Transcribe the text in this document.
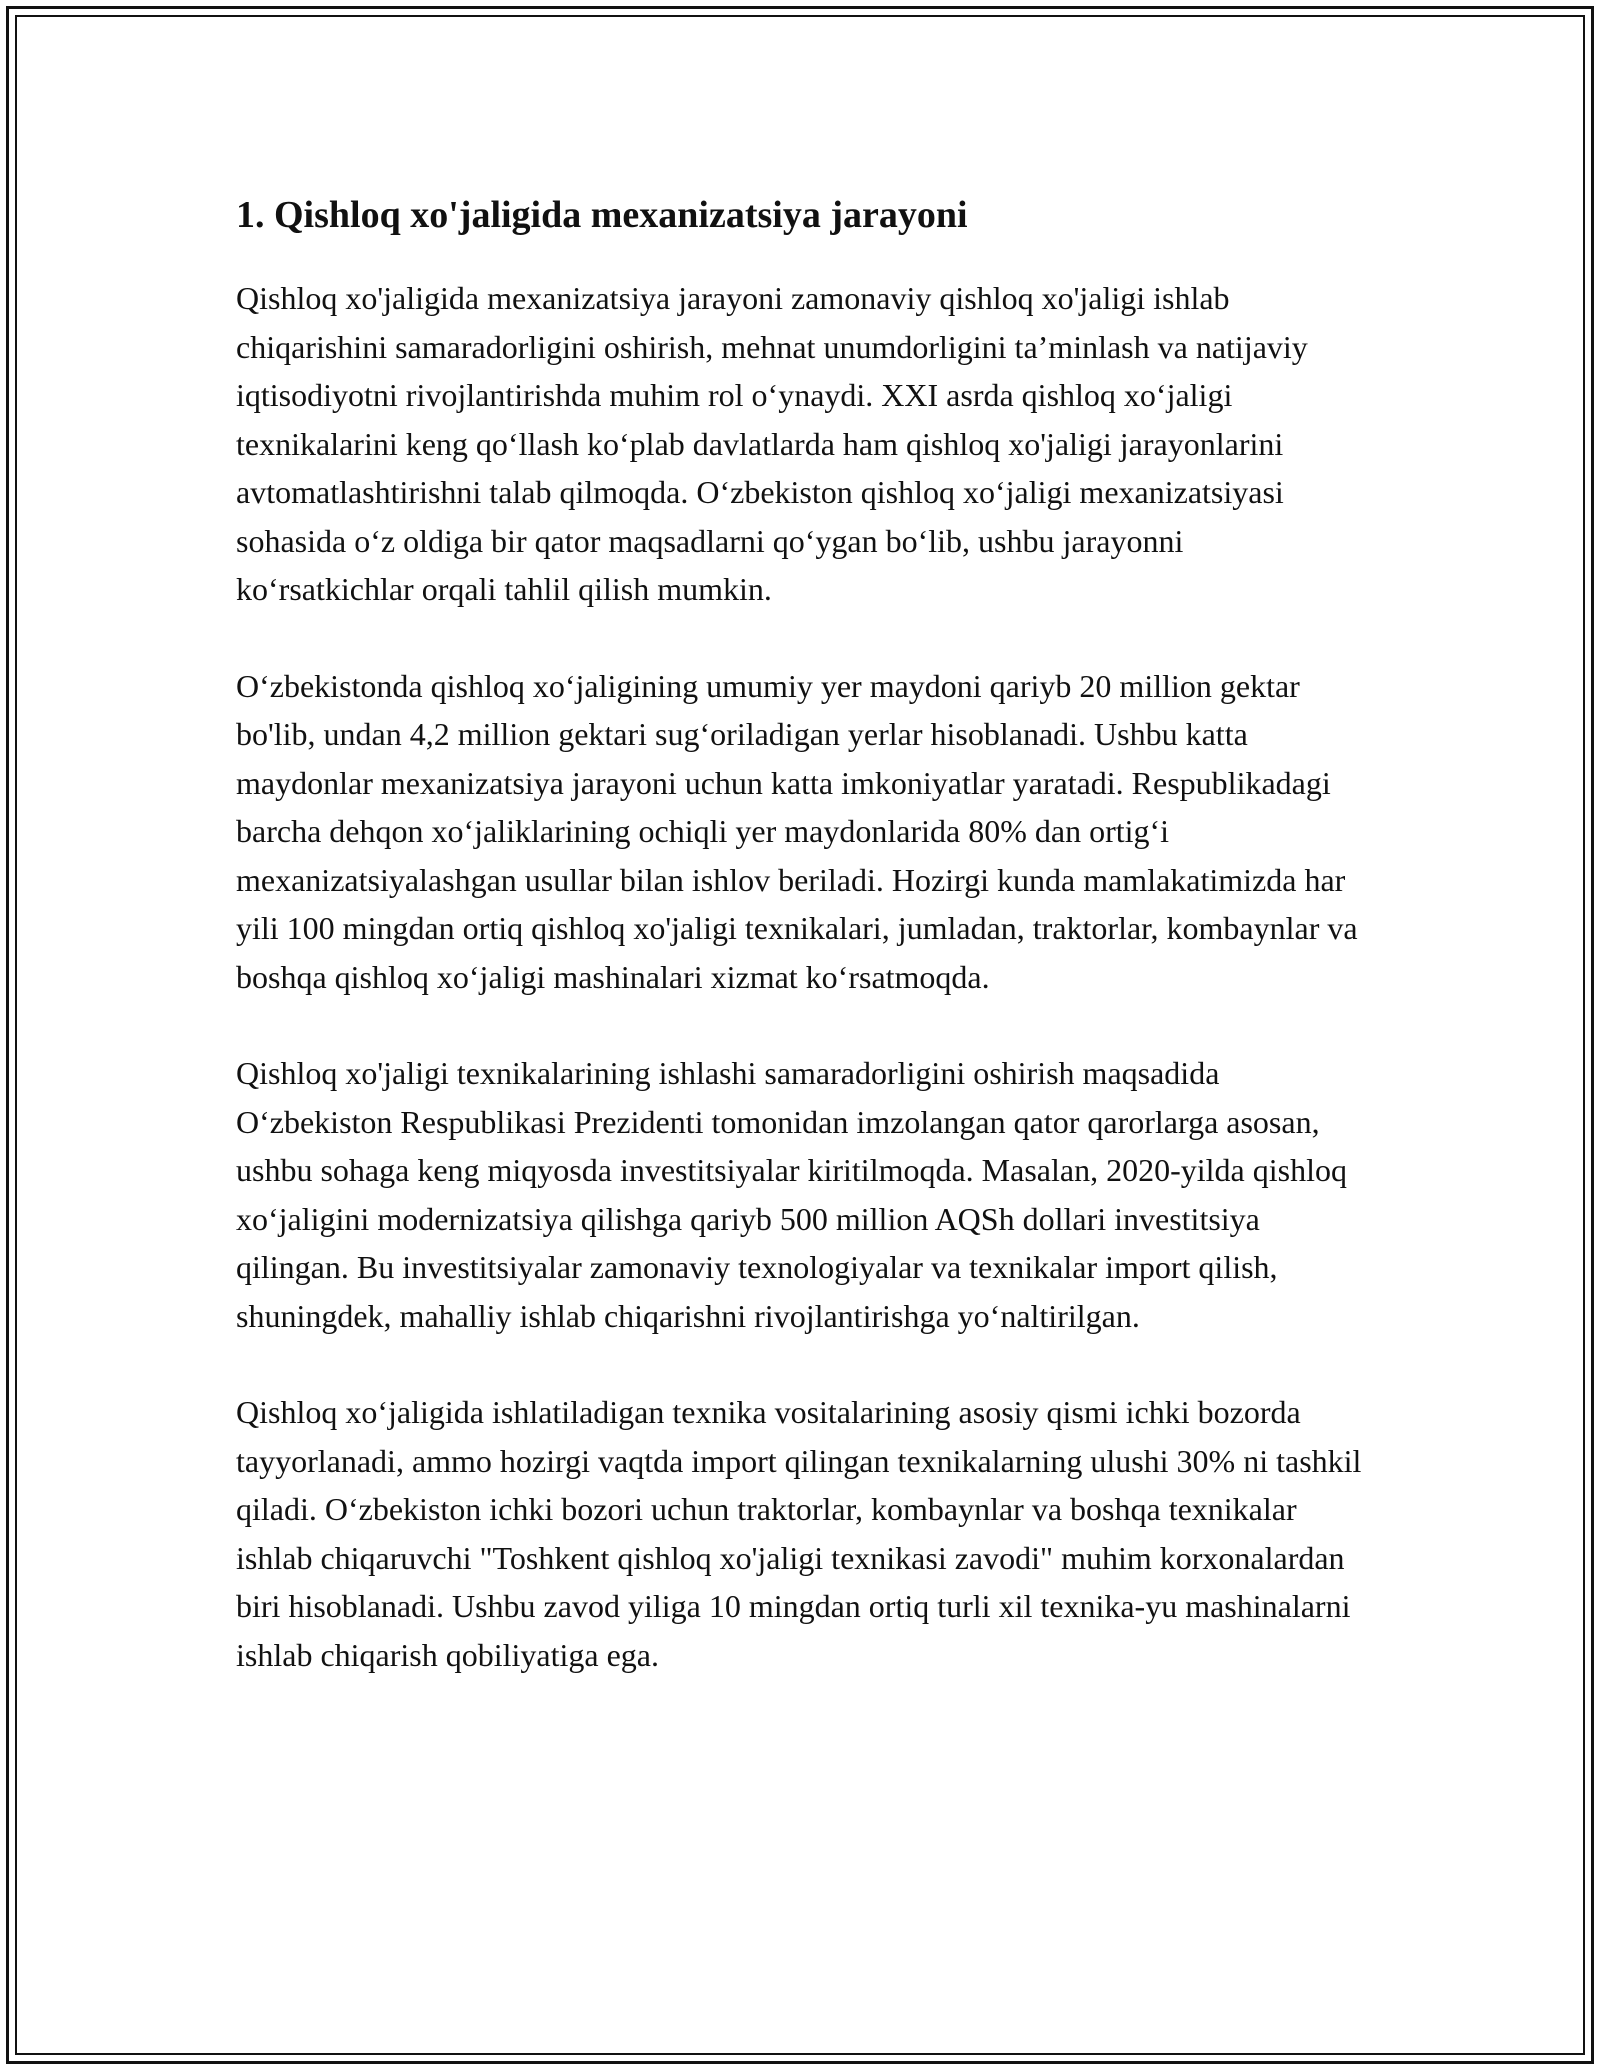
1. Qishloq xo'jaligida mexanizatsiya jarayoni

Qishloq xo'jaligida mexanizatsiya jarayoni zamonaviy qishloq xo'jaligi ishlab chiqarishini samaradorligini oshirish, mehnat unumdorligini ta’minlash va natijaviy iqtisodiyotni rivojlantirishda muhim rol o‘ynaydi. XXI asrda qishloq xo‘jaligi texnikalarini keng qo‘llash ko‘plab davlatlarda ham qishloq xo'jaligi jarayonlarini avtomatlashtirishni talab qilmoqda. O‘zbekiston qishloq xo‘jaligi mexanizatsiyasi sohasida o‘z oldiga bir qator maqsadlarni qo‘ygan bo‘lib, ushbu jarayonni ko‘rsatkichlar orqali tahlil qilish mumkin.

O‘zbekistonda qishloq xo‘jaligining umumiy yer maydoni qariyb 20 million gektar bo'lib, undan 4,2 million gektari sug‘oriladigan yerlar hisoblanadi. Ushbu katta maydonlar mexanizatsiya jarayoni uchun katta imkoniyatlar yaratadi. Respublikadagi barcha dehqon xo‘jaliklarining ochiqli yer maydonlarida 80% dan ortig‘i mexanizatsiyalashgan usullar bilan ishlov beriladi. Hozirgi kunda mamlakatimizda har yili 100 mingdan ortiq qishloq xo'jaligi texnikalari, jumladan, traktorlar, kombaynlar va boshqa qishloq xo‘jaligi mashinalari xizmat ko‘rsatmoqda.

Qishloq xo'jaligi texnikalarining ishlashi samaradorligini oshirish maqsadida O‘zbekiston Respublikasi Prezidenti tomonidan imzolangan qator qarorlarga asosan, ushbu sohaga keng miqyosda investitsiyalar kiritilmoqda. Masalan, 2020-yilda qishloq xo‘jaligini modernizatsiya qilishga qariyb 500 million AQSh dollari investitsiya qilingan. Bu investitsiyalar zamonaviy texnologiyalar va texnikalar import qilish, shuningdek, mahalliy ishlab chiqarishni rivojlantirishga yo‘naltirilgan.

Qishloq xo‘jaligida ishlatiladigan texnika vositalarining asosiy qismi ichki bozorda tayyorlanadi, ammo hozirgi vaqtda import qilingan texnikalarning ulushi 30% ni tashkil qiladi. O‘zbekiston ichki bozori uchun traktorlar, kombaynlar va boshqa texnikalar ishlab chiqaruvchi "Toshkent qishloq xo'jaligi texnikasi zavodi" muhim korxonalardan biri hisoblanadi. Ushbu zavod yiliga 10 mingdan ortiq turli xil texnika-yu mashinalarni ishlab chiqarish qobiliyatiga ega.
